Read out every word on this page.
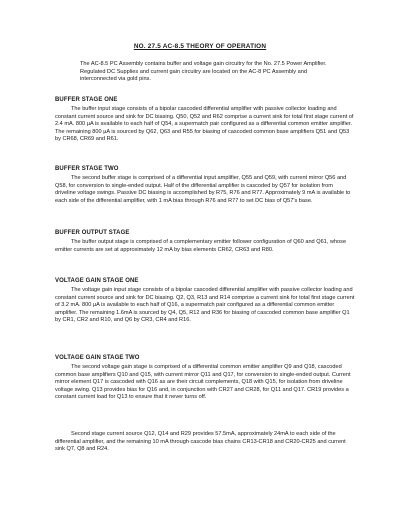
NO. 27.5 AC-8.5 THEORY OF OPERATION

The AC-8.5 PC Assembly contains buffer and voltage gain circuitry for the No. 27.5 Power Amplifier. Regulated DC Supplies and current gain circuitry are located on the AC-8 PC Assembly and interconnected via gold pins.

BUFFER STAGE ONE

The buffer input stage consists of a bipolar cascoded differential amplifier with passive collector loading and constant current source and sink for DC biasing. Q50, Q52 and R62 comprise a current sink for total first stage current of 2.4 mA. 800 µA is available to each half of Q54, a supermatch pair configured as a differential common emitter amplifier. The remaining 800 µA is sourced by Q62, Q63 and R55 for biasing of cascoded common base amplifiers Q51 and Q53 by CR68, CR69 and R61.

BUFFER STAGE TWO

The second buffer stage is comprised of a differential input amplifier, Q55 and Q59, with current mirror Q56 and Q58, for conversion to single-ended output. Half of the differential amplifier is cascoded by Q57 for isolation from driveline voltage swings. Passive DC biasing is accomplished by R75, R76 and R77. Approximately 9 mA is available to each side of the differential amplifier, with 1 mA bias through R76 and R77 to set DC bias of Q57's base.

BUFFER OUTPUT STAGE

The buffer output stage is comprised of a complementary emitter follower configuration of Q60 and Q61, whose emitter currents are set at approximately 12 mA by bias elements CR62, CR63 and R80.

VOLTAGE GAIN STAGE ONE

The voltage gain input stage consists of a bipolar cascoded differential amplifier with passive collector loading and constant current source and sink for DC biasing. Q2, Q3, R13 and R14 comprise a current sink for total first stage current of 3.2 mA. 800 µA is available to each half of Q16, a supermatch pair configured as a differential common emitter amplifier. The remaining 1.6mA is sourced by Q4, Q5, R12 and R36 for biasing of cascoded common base amplifier Q1 by CR1, CR2 and R10, and Q6 by CR3, CR4 and R16.

VOLTAGE GAIN STAGE TWO

The second voltage gain stage is comprised of a differential common emitter amplifier Q9 and Q18, cascoded common base amplifiers Q10 and Q15, with current mirror Q11 and Q17, for conversion to single-ended output. Current mirror element Q17 is cascoded with Q16 as are their circuit complements, Q18 with Q15, for isolation from driveline voltage swing. Q13 provides bias for Q16 and, in conjunction with CR27 and CR28, for Q11 and Q17. CR19 provides a constant current load for Q13 to ensure that it never turns off.

Second stage current source Q12, Q14 and R29 provides 57.5mA, approximately 24mA to each side of the differential amplifier, and the remaining 10 mA through cascode bias chains CR13-CR18 and CR20-CR25 and current sink Q7, Q8 and R24.
